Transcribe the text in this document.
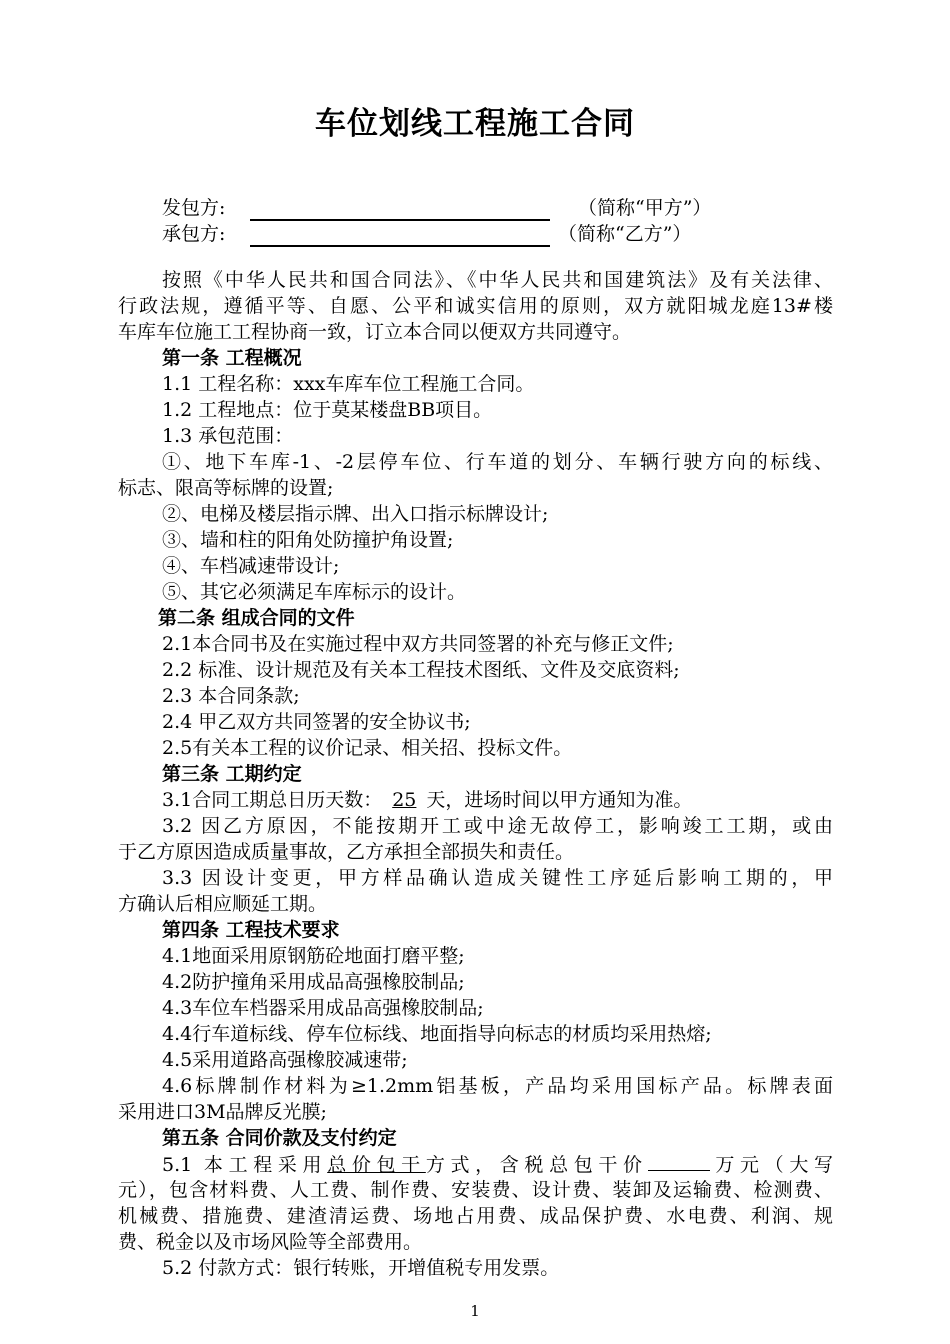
车位划线工程施工合同
发包方:	（简称“甲方”）
承包方:	（简称“乙方”）
按照《中华人民共和国合同法》、《中华人民共和国建筑法》及有关法律、
行政法规，遵循平等、自愿、公平和诚实信用的原则，双方就阳城龙庭13#楼
车库车位施工工程协商一致，订立本合同以便双方共同遵守。
第一条 工程概况
1.1 工程名称：xxx车库车位工程施工合同。
1.2 工程地点：位于莫某楼盘BB项目。
1.3 承包范围：
①、地下车库-1、-2层停车位、行车道的划分、车辆行驶方向的标线、
标志、限高等标牌的设置;
②、电梯及楼层指示牌、出入口指示标牌设计;
③、墙和柱的阳角处防撞护角设置;
④、车档减速带设计;
⑤、其它必须满足车库标示的设计。
第二条 组成合同的文件
2.1本合同书及在实施过程中双方共同签署的补充与修正文件;
2.2 标准、设计规范及有关本工程技术图纸、文件及交底资料;
2.3 本合同条款;
2.4 甲乙双方共同签署的安全协议书;
2.5有关本工程的议价记录、相关招、投标文件。
第三条 工期约定
3.1合同工期总日历天数： 25 天，进场时间以甲方通知为准。
3.2 因乙方原因，不能按期开工或中途无故停工，影响竣工工期，或由
于乙方原因造成质量事故，乙方承担全部损失和责任。
3.3 因设计变更，甲方样品确认造成关键性工序延后影响工期的，甲
方确认后相应顺延工期。
第四条 工程技术要求
4.1地面采用原钢筋砼地面打磨平整;
4.2防护撞角采用成品高强橡胶制品;
4.3车位车档器采用成品高强橡胶制品;
4.4行车道标线、停车位标线、地面指导向标志的材质均采用热熔;
4.5采用道路高强橡胶减速带;
4.6标牌制作材料为≥1.2mm铝基板，产品均采用国标产品。标牌表面
采用进口3M品牌反光膜;
第五条 合同价款及支付约定
5.1 本工程采用总价包干方式，含税总包干价	万元（大写
元），包含材料费、人工费、制作费、安装费、设计费、装卸及运输费、检测费、
机械费、措施费、建渣清运费、场地占用费、成品保护费、水电费、利润、规
费、税金以及市场风险等全部费用。
5.2 付款方式：银行转账，开增值税专用发票。
1
